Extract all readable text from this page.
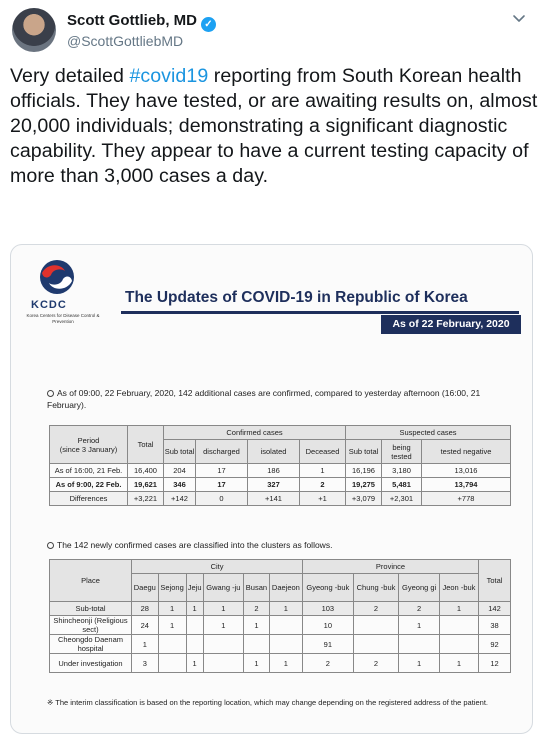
Scott Gottlieb, MD ✓
@ScottGottliebMD
Very detailed #covid19 reporting from South Korean health officials. They have tested, or are awaiting results on, almost 20,000 individuals; demonstrating a significant diagnostic capability. They appear to have a current testing capacity of more than 3,000 cases a day.
KCDC
Korea Centers for Disease Control & Prevention
The Updates of COVID-19 in Republic of Korea
As of 22 February, 2020
As of 09:00, 22 February, 2020, 142 additional cases are confirmed, compared to yesterday afternoon (16:00, 21 February).
Period
(since 3 January)	Total	Confirmed cases				Suspected cases		
		Sub total	discharged	isolated	Deceased	Sub total	being tested	tested negative
As of 16:00, 21 Feb.	16,400	204	17	186	1	16,196	3,180	13,016
As of 9:00, 22 Feb.	19,621	346	17	327	2	19,275	5,481	13,794
Differences	+3,221	+142	0	+141	+1	+3,079	+2,301	+778
The 142 newly confirmed cases are classified into the clusters as follows.
Place	City						Province				Total
	Daegu	Sejong	Jeju	Gwang -ju	Busan	Daejeon	Gyeong -buk	Chung -buk	Gyeong gi	Jeon -buk	
Sub-total	28	1	1	1	2	1	103	2	2	1	142
Shincheonji (Religious sect)	24	1		1	1		10		1		38
Cheongdo Daenam hospital	1						91				92
Under investigation	3		1		1	1	2	2	1	1	12
※ The interim classification is based on the reporting location, which may change depending on the registered address of the patient.
